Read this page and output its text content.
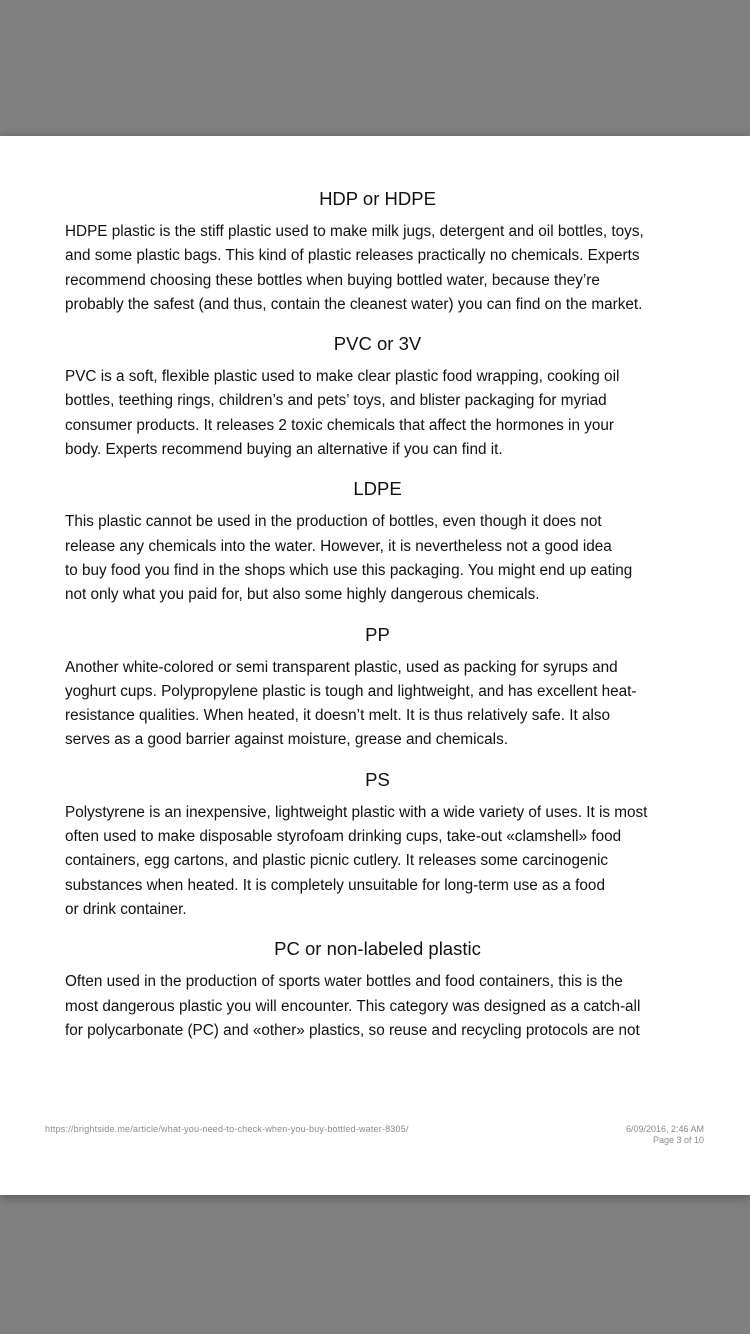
HDP or HDPE

HDPE plastic is the stiff plastic used to make milk jugs, detergent and oil bottles, toys,
and some plastic bags. This kind of plastic releases practically no chemicals. Experts
recommend choosing these bottles when buying bottled water, because they’re
probably the safest (and thus, contain the cleanest water) you can find on the market.

PVC or 3V

PVC is a soft, flexible plastic used to make clear plastic food wrapping, cooking oil
bottles, teething rings, children’s and pets’ toys, and blister packaging for myriad
consumer products. It releases 2 toxic chemicals that affect the hormones in your
body. Experts recommend buying an alternative if you can find it.

LDPE

This plastic cannot be used in the production of bottles, even though it does not
release any chemicals into the water. However, it is nevertheless not a good idea
to buy food you find in the shops which use this packaging. You might end up eating
not only what you paid for, but also some highly dangerous chemicals.

PP

Another white-colored or semi transparent plastic, used as packing for syrups and
yoghurt cups. Polypropylene plastic is tough and lightweight, and has excellent heat-
resistance qualities. When heated, it doesn’t melt. It is thus relatively safe. It also
serves as a good barrier against moisture, grease and chemicals.

PS

Polystyrene is an inexpensive, lightweight plastic with a wide variety of uses. It is most
often used to make disposable styrofoam drinking cups, take-out «clamshell» food
containers, egg cartons, and plastic picnic cutlery. It releases some carcinogenic
substances when heated. It is completely unsuitable for long-term use as a food
or drink container.

PC or non-labeled plastic

Often used in the production of sports water bottles and food containers, this is the
most dangerous plastic you will encounter. This category was designed as a catch-all
for polycarbonate (PC) and «other» plastics, so reuse and recycling protocols are not

https://brightside.me/article/what-you-need-to-check-when-you-buy-bottled-water-8305/	6/09/2016, 2:46 AM
Page 3 of 10
